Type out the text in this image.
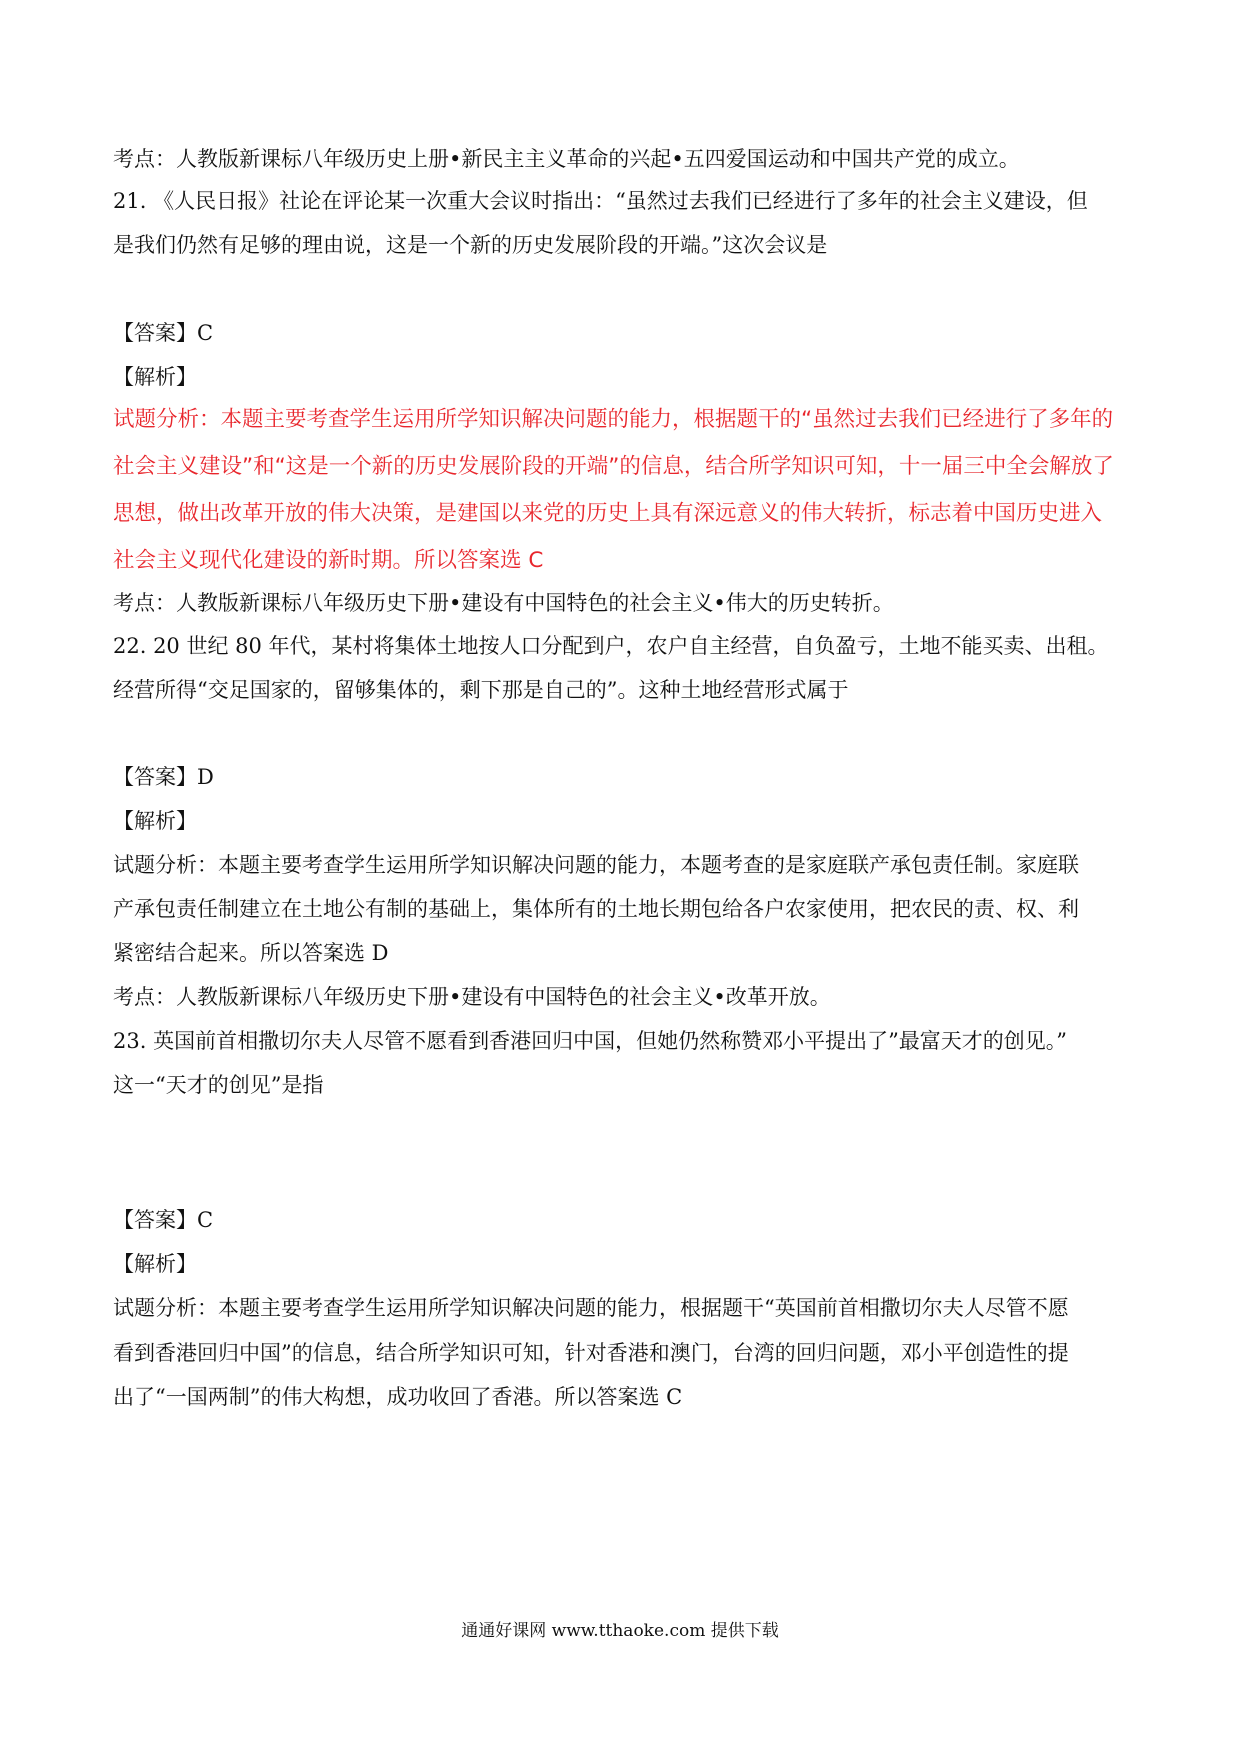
考点：人教版新课标八年级历史上册•新民主主义革命的兴起•五四爱国运动和中国共产党的成立。
21. 《人民日报》社论在评论某一次重大会议时指出：“虽然过去我们已经进行了多年的社会主义建设，但
是我们仍然有足够的理由说，这是一个新的历史发展阶段的开端。”这次会议是
【答案】C
【解析】
试题分析：本题主要考查学生运用所学知识解决问题的能力，根据题干的“虽然过去我们已经进行了多年的
社会主义建设”和“这是一个新的历史发展阶段的开端”的信息，结合所学知识可知，十一届三中全会解放了
思想，做出改革开放的伟大决策，是建国以来党的历史上具有深远意义的伟大转折，标志着中国历史进入
社会主义现代化建设的新时期。所以答案选 C
考点：人教版新课标八年级历史下册•建设有中国特色的社会主义•伟大的历史转折。
22. 20 世纪 80 年代，某村将集体土地按人口分配到户，农户自主经营，自负盈亏，土地不能买卖、出租。
经营所得“交足国家的，留够集体的，剩下那是自己的”。这种土地经营形式属于
【答案】D
【解析】
试题分析：本题主要考查学生运用所学知识解决问题的能力，本题考查的是家庭联产承包责任制。家庭联
产承包责任制建立在土地公有制的基础上，集体所有的土地长期包给各户农家使用，把农民的责、权、利
紧密结合起来。所以答案选 D
考点：人教版新课标八年级历史下册•建设有中国特色的社会主义•改革开放。
23. 英国前首相撒切尔夫人尽管不愿看到香港回归中国，但她仍然称赞邓小平提出了”最富天才的创见。”
这一“天才的创见”是指
【答案】C
【解析】
试题分析：本题主要考查学生运用所学知识解决问题的能力，根据题干“英国前首相撒切尔夫人尽管不愿
看到香港回归中国”的信息，结合所学知识可知，针对香港和澳门，台湾的回归问题，邓小平创造性的提
出了“一国两制”的伟大构想，成功收回了香港。所以答案选 C
通通好课网 www.tthaoke.com 提供下载
